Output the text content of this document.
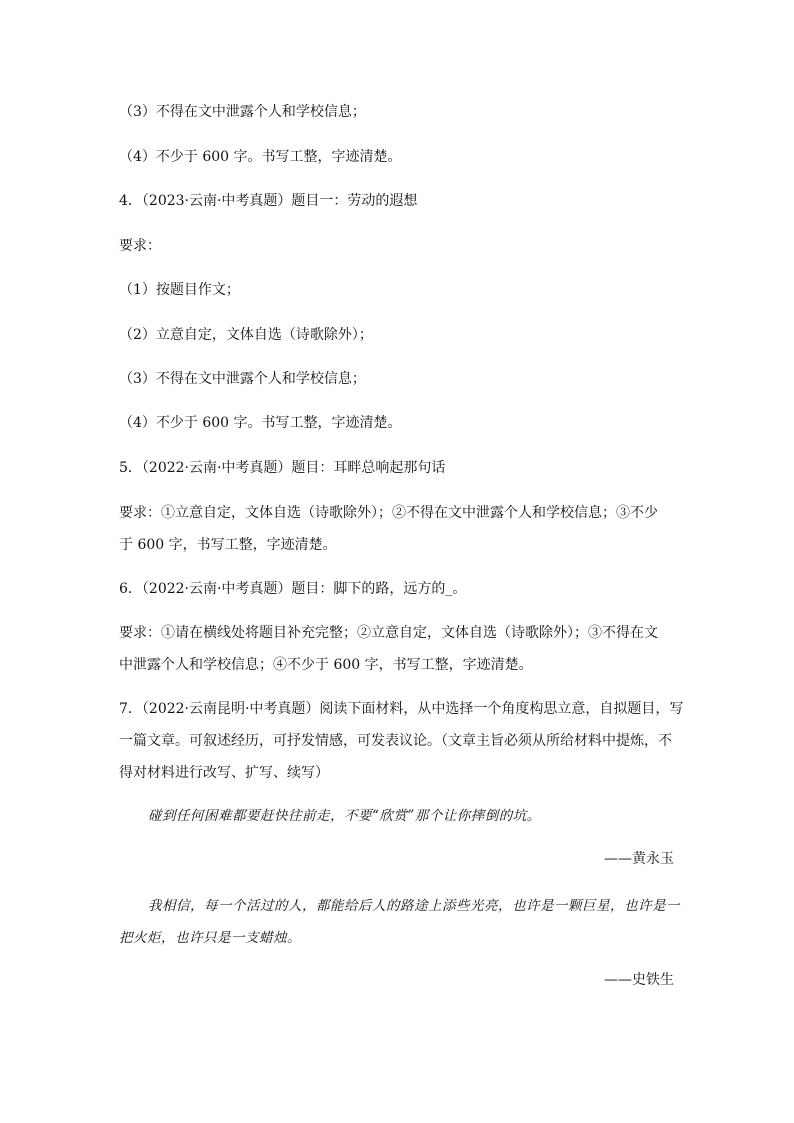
（3）不得在文中泄露个人和学校信息；
（4）不少于 600 字。书写工整，字迹清楚。
4．（2023·云南·中考真题）题目一：劳动的遐想
要求：
（1）按题目作文；
（2）立意自定，文体自选（诗歌除外）；
（3）不得在文中泄露个人和学校信息；
（4）不少于 600 字。书写工整，字迹清楚。
5．（2022·云南·中考真题）题目：耳畔总响起那句话
要求：①立意自定，文体自选（诗歌除外）；②不得在文中泄露个人和学校信息；③不少
于 600 字，书写工整，字迹清楚。
6．（2022·云南·中考真题）题目：脚下的路，远方的_。
要求：①请在横线处将题目补充完整；②立意自定，文体自选（诗歌除外）；③不得在文
中泄露个人和学校信息；④不少于 600 字，书写工整，字迹清楚。
7．（2022·云南昆明·中考真题）阅读下面材料，从中选择一个角度构思立意，自拟题目，写
一篇文章。可叙述经历，可抒发情感，可发表议论。（文章主旨必须从所给材料中提炼，不
得对材料进行改写、扩写、续写）
碰到任何困难都要赶快往前走，不要“欣赏”那个让你摔倒的坑。
——黄永玉
我相信，每一个活过的人，都能给后人的路途上添些光亮，也许是一颗巨星，也许是一
把火炬，也许只是一支蜡烛。
——史铁生
